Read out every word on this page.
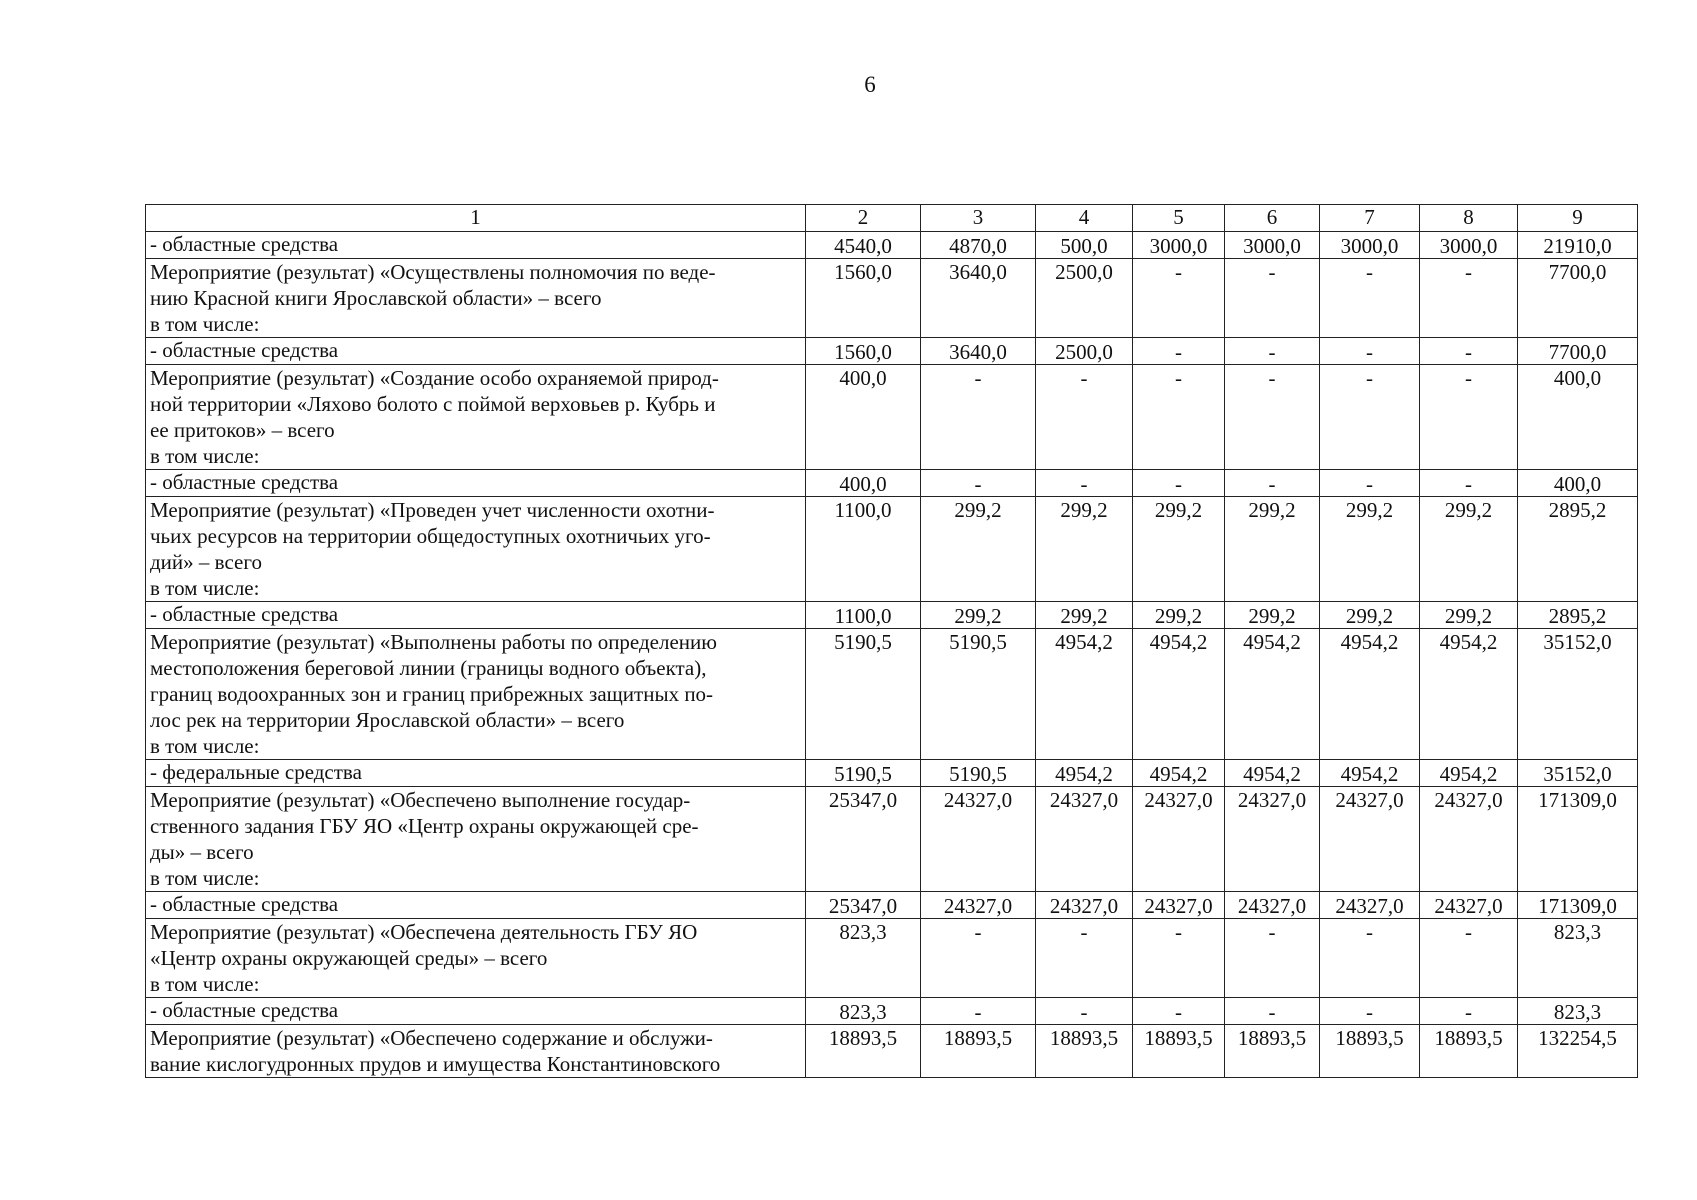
6
1	2	3	4	5	6	7	8	9

- областные средства	4540,0	4870,0	500,0	3000,0	3000,0	3000,0	3000,0	21910,0

Мероприятие (результат) «Осуществлены полномочия по веде-
нию Красной книги Ярославской области» – всего
в том числе:	1560,0	3640,0	2500,0	-	-	-	-	7700,0

- областные средства	1560,0	3640,0	2500,0	-	-	-	-	7700,0

Мероприятие (результат) «Создание особо охраняемой природ-
ной территории «Ляхово болото с поймой верховьев р. Кубрь и
ее притоков» – всего
в том числе:	400,0	-	-	-	-	-	-	400,0

- областные средства	400,0	-	-	-	-	-	-	400,0

Мероприятие (результат) «Проведен учет численности охотни-
чьих ресурсов на территории общедоступных охотничьих уго-
дий» – всего
в том числе:	1100,0	299,2	299,2	299,2	299,2	299,2	299,2	2895,2

- областные средства	1100,0	299,2	299,2	299,2	299,2	299,2	299,2	2895,2

Мероприятие (результат) «Выполнены работы по определению
местоположения береговой линии (границы водного объекта),
границ водоохранных зон и границ прибрежных защитных по-
лос рек на территории Ярославской области» – всего
в том числе:	5190,5	5190,5	4954,2	4954,2	4954,2	4954,2	4954,2	35152,0

- федеральные средства	5190,5	5190,5	4954,2	4954,2	4954,2	4954,2	4954,2	35152,0

Мероприятие (результат) «Обеспечено выполнение государ-
ственного задания ГБУ ЯО «Центр охраны окружающей сре-
ды» – всего
в том числе:	25347,0	24327,0	24327,0	24327,0	24327,0	24327,0	24327,0	171309,0

- областные средства	25347,0	24327,0	24327,0	24327,0	24327,0	24327,0	24327,0	171309,0

Мероприятие (результат) «Обеспечена деятельность ГБУ ЯО
«Центр охраны окружающей среды» – всего
в том числе:	823,3	-	-	-	-	-	-	823,3

- областные средства	823,3	-	-	-	-	-	-	823,3

Мероприятие (результат) «Обеспечено содержание и обслужи-
вание кислогудронных прудов и имущества Константиновского	18893,5	18893,5	18893,5	18893,5	18893,5	18893,5	18893,5	132254,5
